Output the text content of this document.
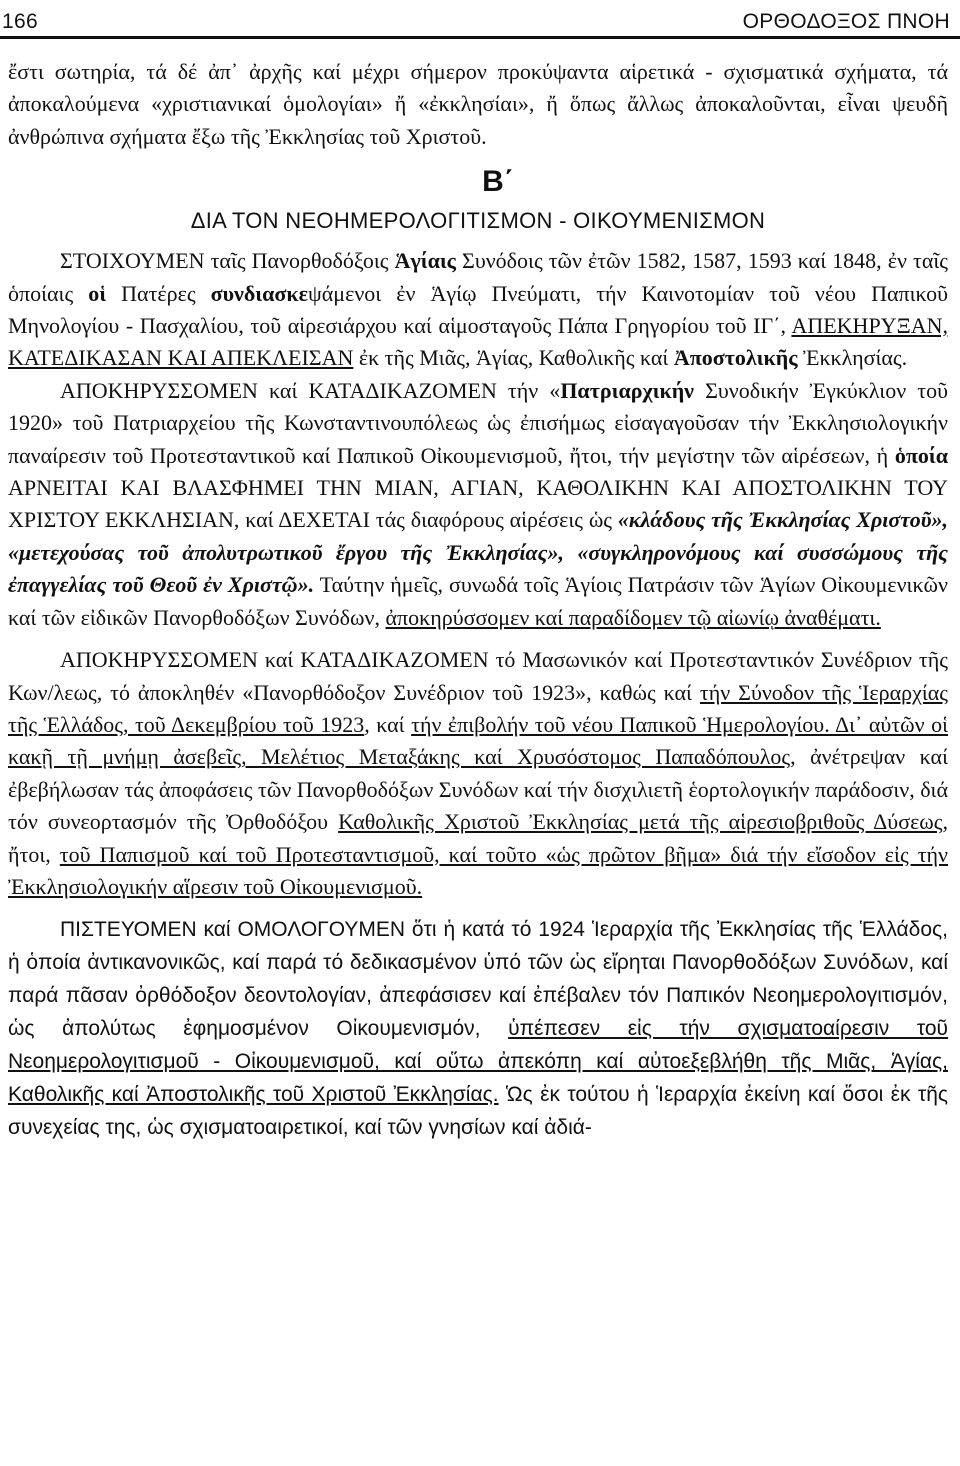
166	ΟΡΘΟΔΟΞΟΣ ΠΝΟΗ

ἔστι σωτηρία, τά δέ ἀπ᾿ ἀρχῆς καί μέχρι σήμερον προκύψαντα αἱρετικά - σχισματικά σχήματα, τά ἀποκαλούμενα «χριστιανικαί ὁμολογίαι» ἤ «ἐκκλησίαι», ἤ ὅπως ἄλλως ἀποκαλοῦνται, εἶναι ψευδῆ ἀνθρώπινα σχήματα ἔξω τῆς Ἐκκλησίας τοῦ Χριστοῦ.

Β΄
ΔΙΑ ΤΟΝ ΝΕΟΗΜΕΡΟΛΟΓΙΤΙΣΜΟΝ - ΟΙΚΟΥΜΕΝΙΣΜΟΝ

ΣΤΟΙΧΟΥΜΕΝ ταῖς Πανορθοδόξοις Ἁγίαις Συνόδοις τῶν ἐτῶν 1582, 1587, 1593 καί 1848, ἐν ταῖς ὁποίαις οἱ Πατέρες συνδιασκεψάμενοι ἐν Ἁγίῳ Πνεύματι, τήν Καινοτομίαν τοῦ νέου Παπικοῦ Μηνολογίου - Πασχαλίου, τοῦ αἱρεσιάρχου καί αἱμοσταγοῦς Πάπα Γρηγορίου τοῦ ΙΓ΄, ΑΠΕΚΗΡΥΞΑΝ, ΚΑΤΕΔΙΚΑΣΑΝ ΚΑΙ ΑΠΕΚΛΕΙΣΑΝ ἐκ τῆς Μιᾶς, Ἁγίας, Καθολικῆς καί Ἀποστολικῆς Ἐκκλησίας.

ΑΠΟΚΗΡΥΣΣΟΜΕΝ καί ΚΑΤΑΔΙΚΑΖΟΜΕΝ τήν «Πατριαρχικήν Συνοδικήν Ἐγκύκλιον τοῦ 1920» τοῦ Πατριαρχείου τῆς Κωνσταντινουπόλεως ὡς ἐπισήμως εἰσαγαγοῦσαν τήν Ἐκκλησιολογικήν παναίρεσιν τοῦ Προτεσταντικοῦ καί Παπικοῦ Οἰκουμενισμοῦ, ἤτοι, τήν μεγίστην τῶν αἱρέσεων, ἡ ὁποία ΑΡΝΕΙΤΑΙ ΚΑΙ ΒΛΑΣΦΗΜΕΙ ΤΗΝ ΜΙΑΝ, ΑΓΙΑΝ, ΚΑΘΟΛΙΚΗΝ ΚΑΙ ΑΠΟΣΤΟΛΙΚΗΝ ΤΟΥ ΧΡΙΣΤΟΥ ΕΚΚΛΗΣΙΑΝ, καί ΔΕΧΕΤΑΙ τάς διαφόρους αἱρέσεις ὡς «κλάδους τῆς Ἐκκλησίας Χριστοῦ», «μετεχούσας τοῦ ἀπολυτρωτικοῦ ἔργου τῆς Ἐκκλησίας», «συγκληρονόμους καί συσσώμους τῆς ἐπαγγελίας τοῦ Θεοῦ ἐν Χριστῷ». Ταύτην ἡμεῖς, συνωδά τοῖς Ἁγίοις Πατράσιν τῶν Ἁγίων Οἰκουμενικῶν καί τῶν εἰδικῶν Πανορθοδόξων Συνόδων, ἀποκηρύσσομεν καί παραδίδομεν τῷ αἰωνίῳ ἀναθέματι.

ΑΠΟΚΗΡΥΣΣΟΜΕΝ καί ΚΑΤΑΔΙΚΑΖΟΜΕΝ τό Μασωνικόν καί Προτεσταντικόν Συνέδριον τῆς Κων/λεως, τό ἀποκληθέν «Πανορθόδοξον Συνέδριον τοῦ 1923», καθώς καί τήν Σύνοδον τῆς Ἱεραρχίας τῆς Ἑλλάδος, τοῦ Δεκεμβρίου τοῦ 1923, καί τήν ἐπιβολήν τοῦ νέου Παπικοῦ Ἡμερολογίου. Δι᾿ αὐτῶν οἱ κακῇ τῇ μνήμῃ ἀσεβεῖς, Μελέτιος Μεταξάκης καί Χρυσόστομος Παπαδόπουλος, ἀνέτρεψαν καί ἐβεβήλωσαν τάς ἀποφάσεις τῶν Πανορθοδόξων Συνόδων καί τήν δισχιλιετῆ ἑορτολογικήν παράδοσιν, διά τόν συνεορτασμόν τῆς Ὀρθοδόξου Καθολικῆς Χριστοῦ Ἐκκλησίας μετά τῆς αἱρεσιοβριθοῦς Δύσεως, ἤτοι, τοῦ Παπισμοῦ καί τοῦ Προτεσταντισμοῦ, καί τοῦτο «ὡς πρῶτον βῆμα» διά τήν εἴσοδον εἰς τήν Ἐκκλησιολογικήν αἵρεσιν τοῦ Οἰκουμενισμοῦ.

ΠΙΣΤΕΥΟΜΕΝ καί ΟΜΟΛΟΓΟΥΜΕΝ ὅτι ἡ κατά τό 1924 Ἱεραρχία τῆς Ἐκκλησίας τῆς Ἑλλάδος, ἡ ὁποία ἀντικανονικῶς, καί παρά τό δεδικασμένον ὑπό τῶν ὡς εἴρηται Πανορθοδόξων Συνόδων, καί παρά πᾶσαν ὀρθόδοξον δεοντολογίαν, ἀπεφάσισεν καί ἐπέβαλεν τόν Παπικόν Νεοημερολογιτισμόν, ὡς ἀπολύτως ἐφημοσμένον Οἰκουμενισμόν, ὑπέπεσεν εἰς τήν σχισματοαίρεσιν τοῦ Νεοημερολογιτισμοῦ - Οἰκουμενισμοῦ, καί οὕτω ἀπεκόπη καί αὐτοεξεβλήθη τῆς Μιᾶς, Ἁγίας, Καθολικῆς καί Ἀποστολικῆς τοῦ Χριστοῦ Ἐκκλησίας. Ὡς ἐκ τούτου ἡ Ἱεραρχία ἐκείνη καί ὅσοι ἐκ τῆς συνεχείας της, ὡς σχισματοαιρετικοί, καί τῶν γνησίων καί ἀδιά-
